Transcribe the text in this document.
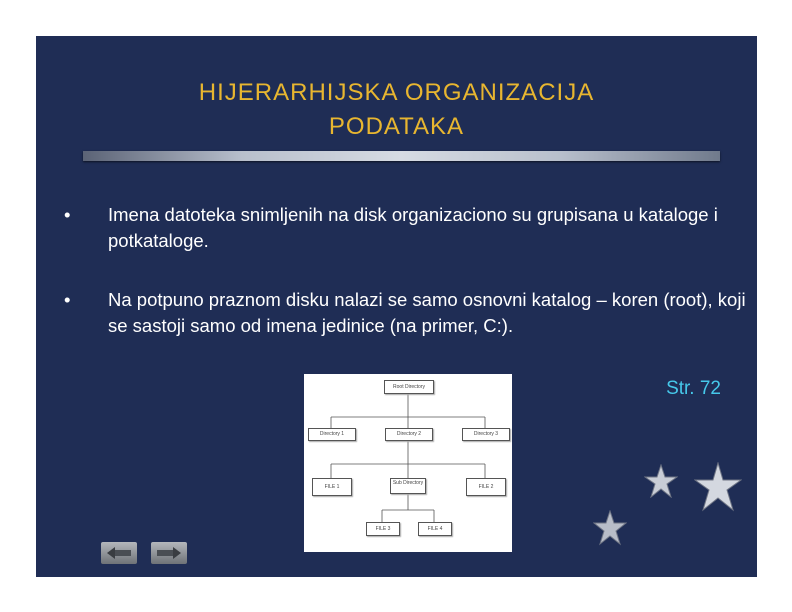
HIJERARHIJSKA ORGANIZACIJA
PODATAKA
• Imena datoteka snimljenih na disk organizaciono su grupisana u kataloge i potkataloge.
• Na potpuno praznom disku nalazi se samo osnovni katalog – koren (root), koji se sastoji samo od imena jedinice (na primer, C:).
Str. 72
Root Directory
Directory 1	Directory 2	Directory 3
FILE 1
Sub Directory
FILE 2
FILE 3	FILE 4
